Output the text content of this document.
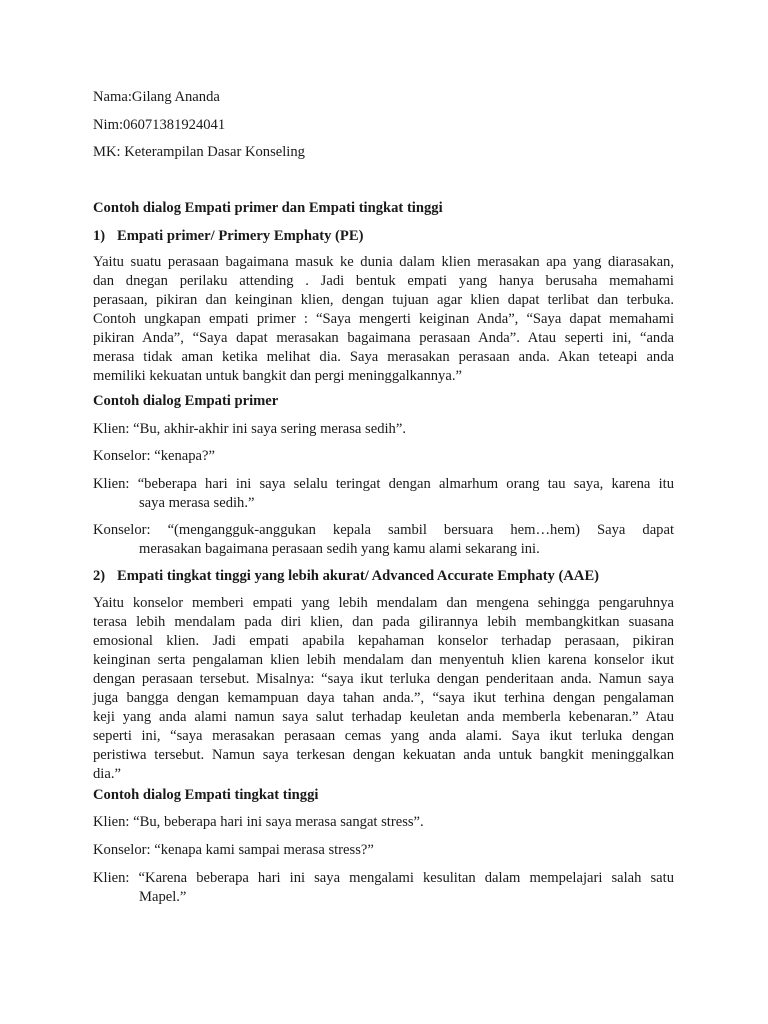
Nama:Gilang Ananda

Nim:06071381924041

MK: Keterampilan Dasar Konseling

Contoh dialog Empati primer dan Empati tingkat tinggi

1) Empati primer/ Primery Emphaty (PE)

Yaitu suatu perasaan bagaimana masuk ke dunia dalam klien merasakan apa yang diarasakan,
dan dnegan perilaku attending . Jadi bentuk empati yang hanya berusaha memahami
perasaan, pikiran dan keinginan klien, dengan tujuan agar klien dapat terlibat dan terbuka.
Contoh ungkapan empati primer : “Saya mengerti keiginan Anda”, “Saya dapat memahami
pikiran Anda”, “Saya dapat merasakan bagaimana perasaan Anda”. Atau seperti ini, “anda
merasa tidak aman ketika melihat dia. Saya merasakan perasaan anda. Akan teteapi anda
memiliki kekuatan untuk bangkit dan pergi meninggalkannya.”

Contoh dialog Empati primer

Klien: “Bu, akhir-akhir ini saya sering merasa sedih”.
Konselor: “kenapa?”
Klien: “beberapa hari ini saya selalu teringat dengan almarhum orang tau saya, karena itu
saya merasa sedih.”
Konselor: “(mengangguk-anggukan kepala sambil bersuara hem…hem) Saya dapat
merasakan bagaimana perasaan sedih yang kamu alami sekarang ini.

2) Empati tingkat tinggi yang lebih akurat/ Advanced Accurate Emphaty (AAE)

Yaitu konselor memberi empati yang lebih mendalam dan mengena sehingga pengaruhnya
terasa lebih mendalam pada diri klien, dan pada gilirannya lebih membangkitkan suasana
emosional klien. Jadi empati apabila kepahaman konselor terhadap perasaan, pikiran
keinginan serta pengalaman klien lebih mendalam dan menyentuh klien karena konselor ikut
dengan perasaan tersebut. Misalnya: “saya ikut terluka dengan penderitaan anda. Namun saya
juga bangga dengan kemampuan daya tahan anda.”, “saya ikut terhina dengan pengalaman
keji yang anda alami namun saya salut terhadap keuletan anda memberla kebenaran.” Atau
seperti ini, “saya merasakan perasaan cemas yang anda alami. Saya ikut terluka dengan
peristiwa tersebut. Namun saya terkesan dengan kekuatan anda untuk bangkit meninggalkan
dia.”

Contoh dialog Empati tingkat tinggi

Klien: “Bu, beberapa hari ini saya merasa sangat stress”.
Konselor: “kenapa kami sampai merasa stress?”
Klien: “Karena beberapa hari ini saya mengalami kesulitan dalam mempelajari salah satu
Mapel.”
